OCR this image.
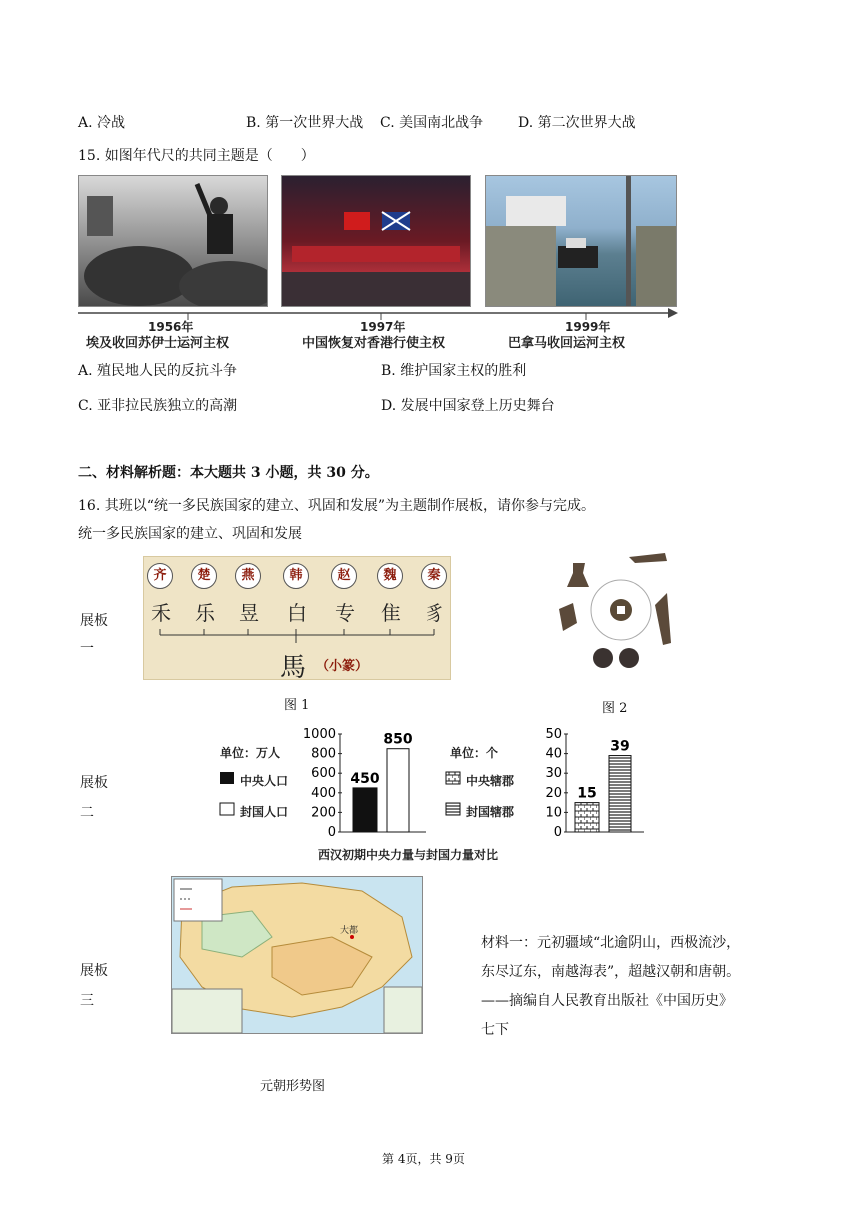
A. 冷战	B. 第一次世界大战 C. 美国南北战争 D. 第二次世界大战
15. 如图年代尺的共同主题是（　　）
1956年
埃及收回苏伊士运河主权
1997年
中国恢复对香港行使主权
1999年
巴拿马收回运河主权
A. 殖民地人民的反抗斗争	B. 维护国家主权的胜利
C. 亚非拉民族独立的高潮	D. 发展中国家登上历史舞台
二、材料解析题：本大题共 3 小题，共 30 分。
16. 其班以“统一多民族国家的建立、巩固和发展”为主题制作展板，请你参与完成。
统一多民族国家的建立、巩固和发展
展板
一
齐	楚	燕	韩	赵	魏	秦
禾 乐 昱 白 专 隹 豸
馬 （小篆）
图 1	图 2
展板
二
1000
800
600
400
200
0
50
40
30
20
10
0
450
850
15
39
单位：万人
中央人口
封国人口
单位：个
中央辖郡
封国辖郡
西汉初期中央力量与封国力量对比
展板
三
大都
元朝形势图
材料一：元初疆域“北逾阴山，西极流沙，
东尽辽东，南越海表”，超越汉朝和唐朝。
——摘编自人民教育出版社《中国历史》
七下
第 4页，共 9页
